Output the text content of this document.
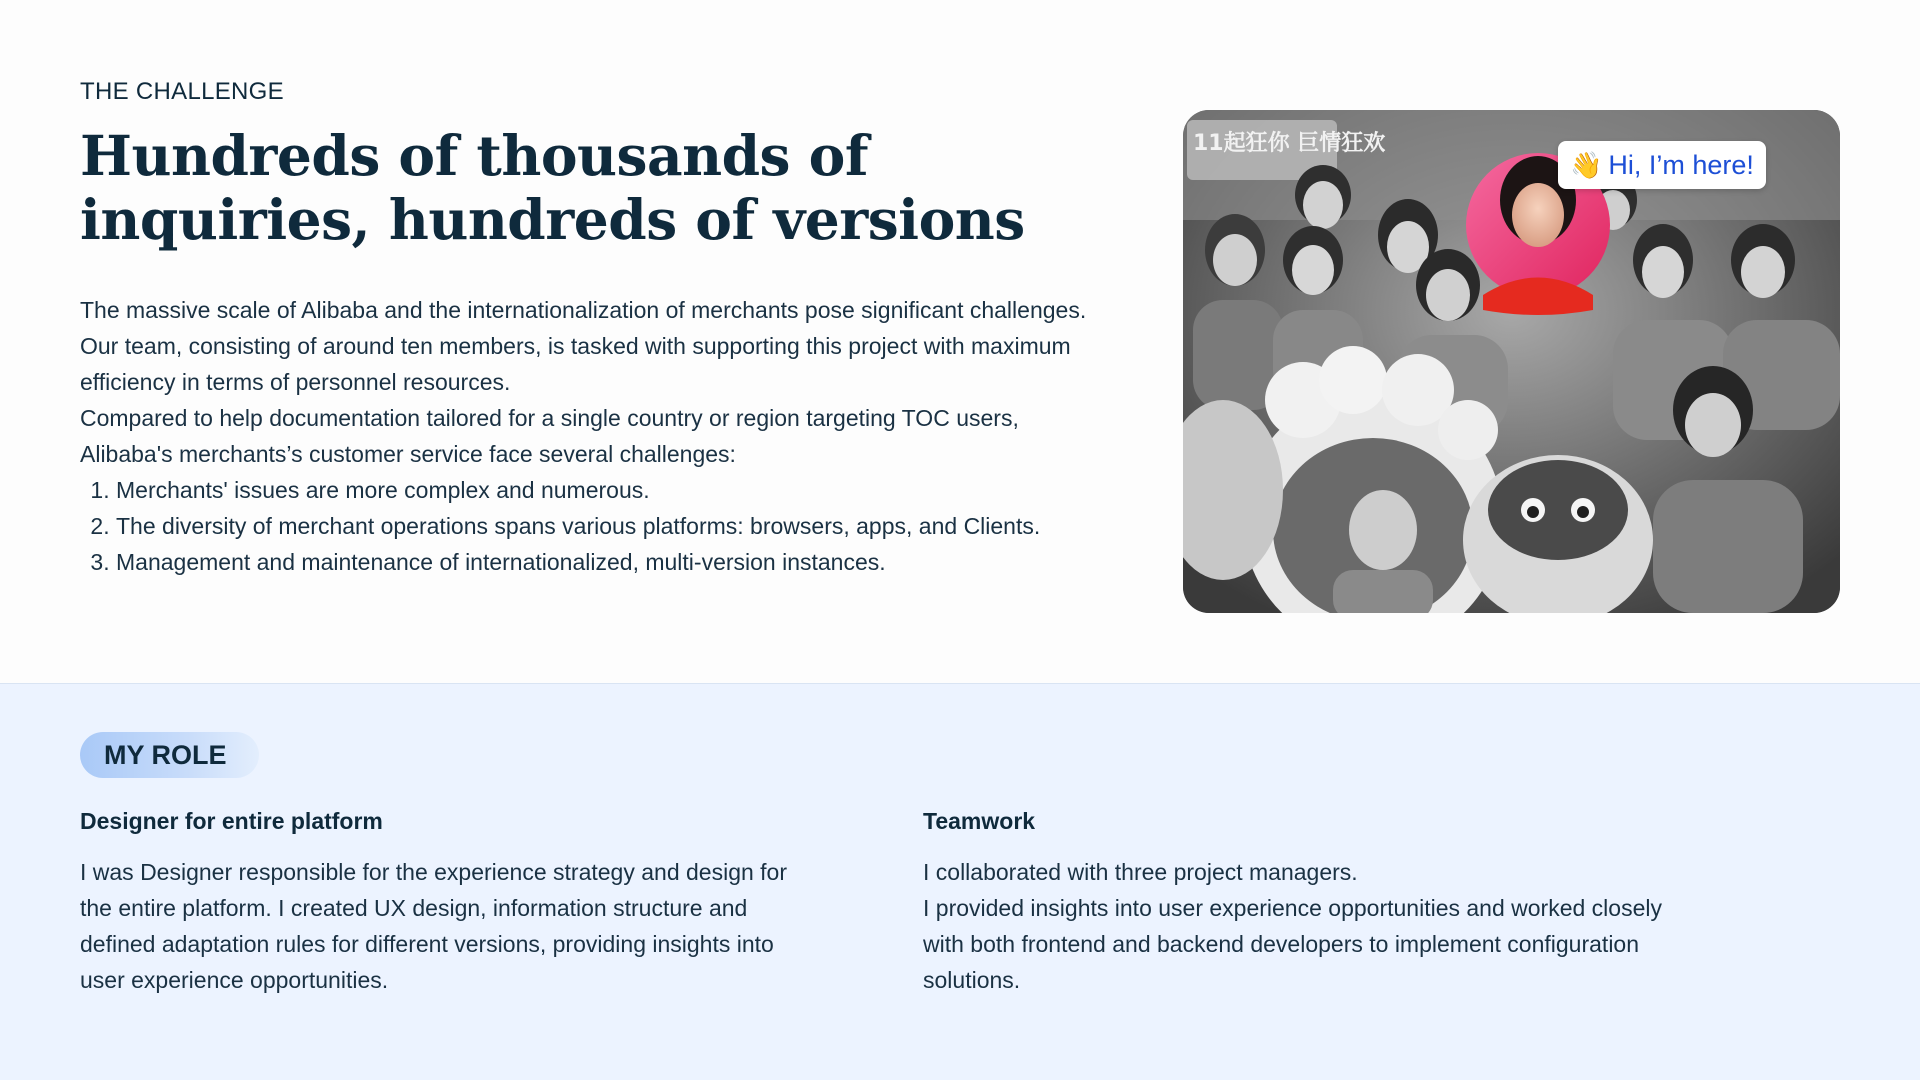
THE CHALLENGE
Hundreds of thousands of
inquiries, hundreds of versions

The massive scale of Alibaba and the internationalization of merchants pose significant challenges. Our team, consisting of around ten members, is tasked with supporting this project with maximum efficiency in terms of personnel resources.

Compared to help documentation tailored for a single country or region targeting TOC users, Alibaba's merchants’s customer service face several challenges:

1. Merchants' issues are more complex and numerous.
2. The diversity of merchant operations spans various platforms: browsers, apps, and Clients.
3. Management and maintenance of internationalized, multi-version instances.
11起狂你 巨情狂欢
👋 Hi, I’m here!
MY ROLE
Designer for entire platform
I was Designer responsible for the experience strategy and design for the entire platform. I created UX design, information structure and defined adaptation rules for different versions, providing insights into user experience opportunities.
Teamwork
I collaborated with three project managers.
I provided insights into user experience opportunities and worked closely with both frontend and backend developers to implement configuration solutions.
